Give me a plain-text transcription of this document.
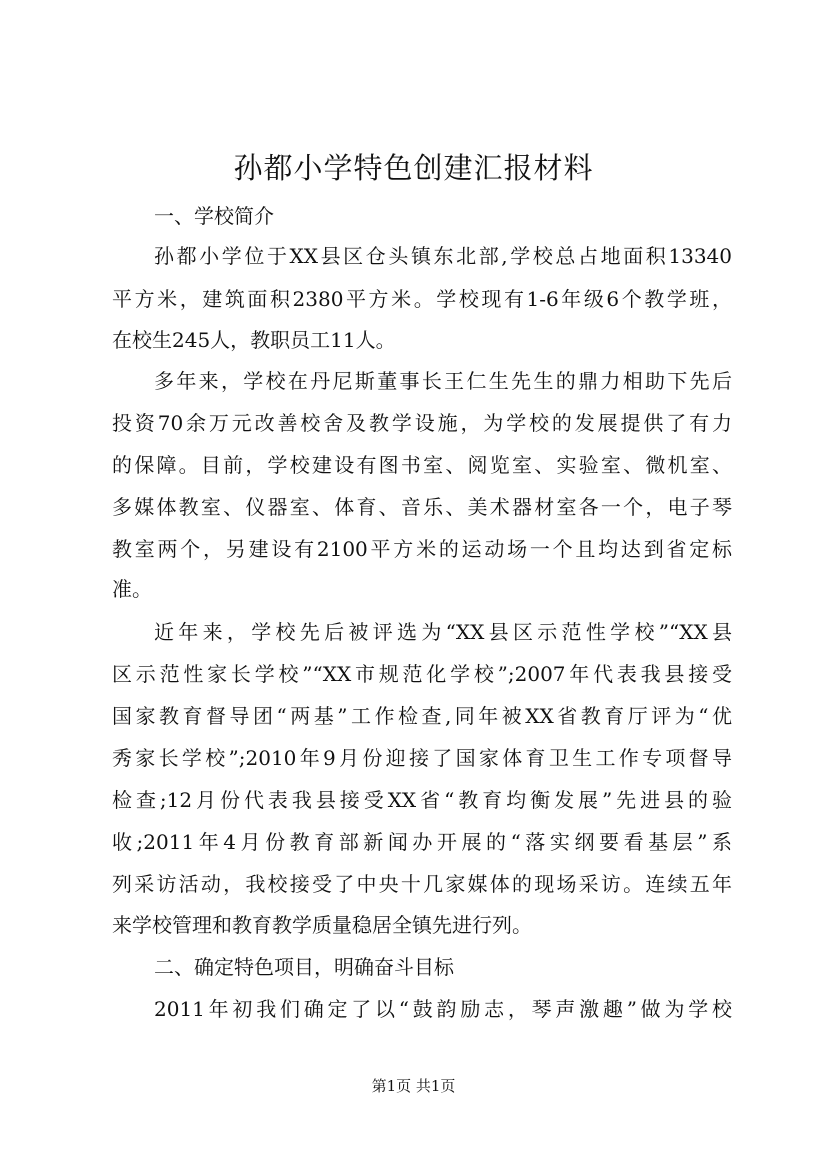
孙都小学特色创建汇报材料

一、学校简介

孙都小学位于XX县区仓头镇东北部,学校总占地面积13340

平方米，建筑面积2380平方米。学校现有1-6年级6个教学班，

在校生245人，教职员工11人。

多年来，学校在丹尼斯董事长王仁生先生的鼎力相助下先后

投资70余万元改善校舍及教学设施，为学校的发展提供了有力

的保障。目前，学校建设有图书室、阅览室、实验室、微机室、

多媒体教室、仪器室、体育、音乐、美术器材室各一个，电子琴

教室两个，另建设有2100平方米的运动场一个且均达到省定标

准。

近年来，学校先后被评选为“XX县区示范性学校”“XX县

区示范性家长学校”“XX市规范化学校”;2007年代表我县接受

国家教育督导团“两基”工作检查,同年被XX省教育厅评为“优

秀家长学校”;2010年9月份迎接了国家体育卫生工作专项督导

检查;12月份代表我县接受XX省“教育均衡发展”先进县的验

收;2011年4月份教育部新闻办开展的“落实纲要看基层”系

列采访活动，我校接受了中央十几家媒体的现场采访。连续五年

来学校管理和教育教学质量稳居全镇先进行列。

二、确定特色项目，明确奋斗目标

2011年初我们确定了以“鼓韵励志，琴声激趣”做为学校

第1页 共1页
